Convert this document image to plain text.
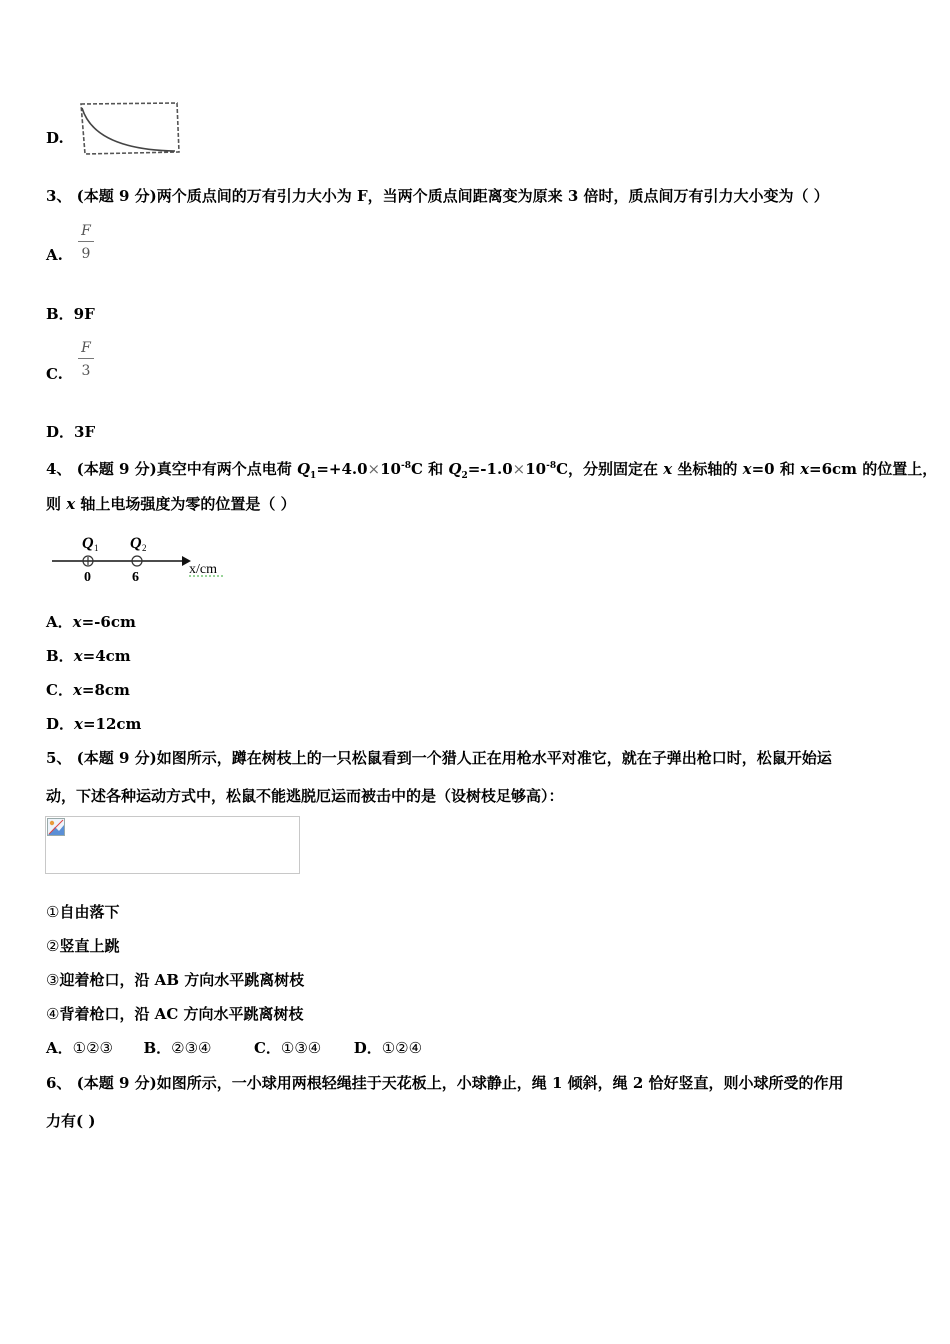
D.
3、 (本题 9 分)两个质点间的万有引力大小为 F，当两个质点间距离变为原来 3 倍时，质点间万有引力大小变为（ ）
A.
F
9
B．9F
C.
F
3
D．3F
4、 (本题 9 分)真空中有两个点电荷 $Q_1=+4.0\times 10^{-8}C$ 和 $Q_2=-1.0\times 10^{-8}C$，分别固定在 x 坐标轴的 x=0 和 x=6cm 的位置上，
则 x 轴上电场强度为零的位置是（ ）
Q 1 Q 2
0	6
x/cm
A．x=-6cm
B．x=4cm
C．x=8cm
D．x=12cm
5、 (本题 9 分)如图所示，蹲在树枝上的一只松鼠看到一个猎人正在用枪水平对准它，就在子弹出枪口时，松鼠开始运
动，下述各种运动方式中，松鼠不能逃脱厄运而被击中的是（设树枝足够高）：
①自由落下
②竖直上跳
③迎着枪口，沿 AB 方向水平跳离树枝
④背着枪口，沿 AC 方向水平跳离树枝
A．①②③ B．②③④	C．①③④ D．①②④
6、 (本题 9 分)如图所示，一小球用两根轻绳挂于天花板上，小球静止，绳 1 倾斜，绳 2 恰好竖直，则小球所受的作用
力有( )
